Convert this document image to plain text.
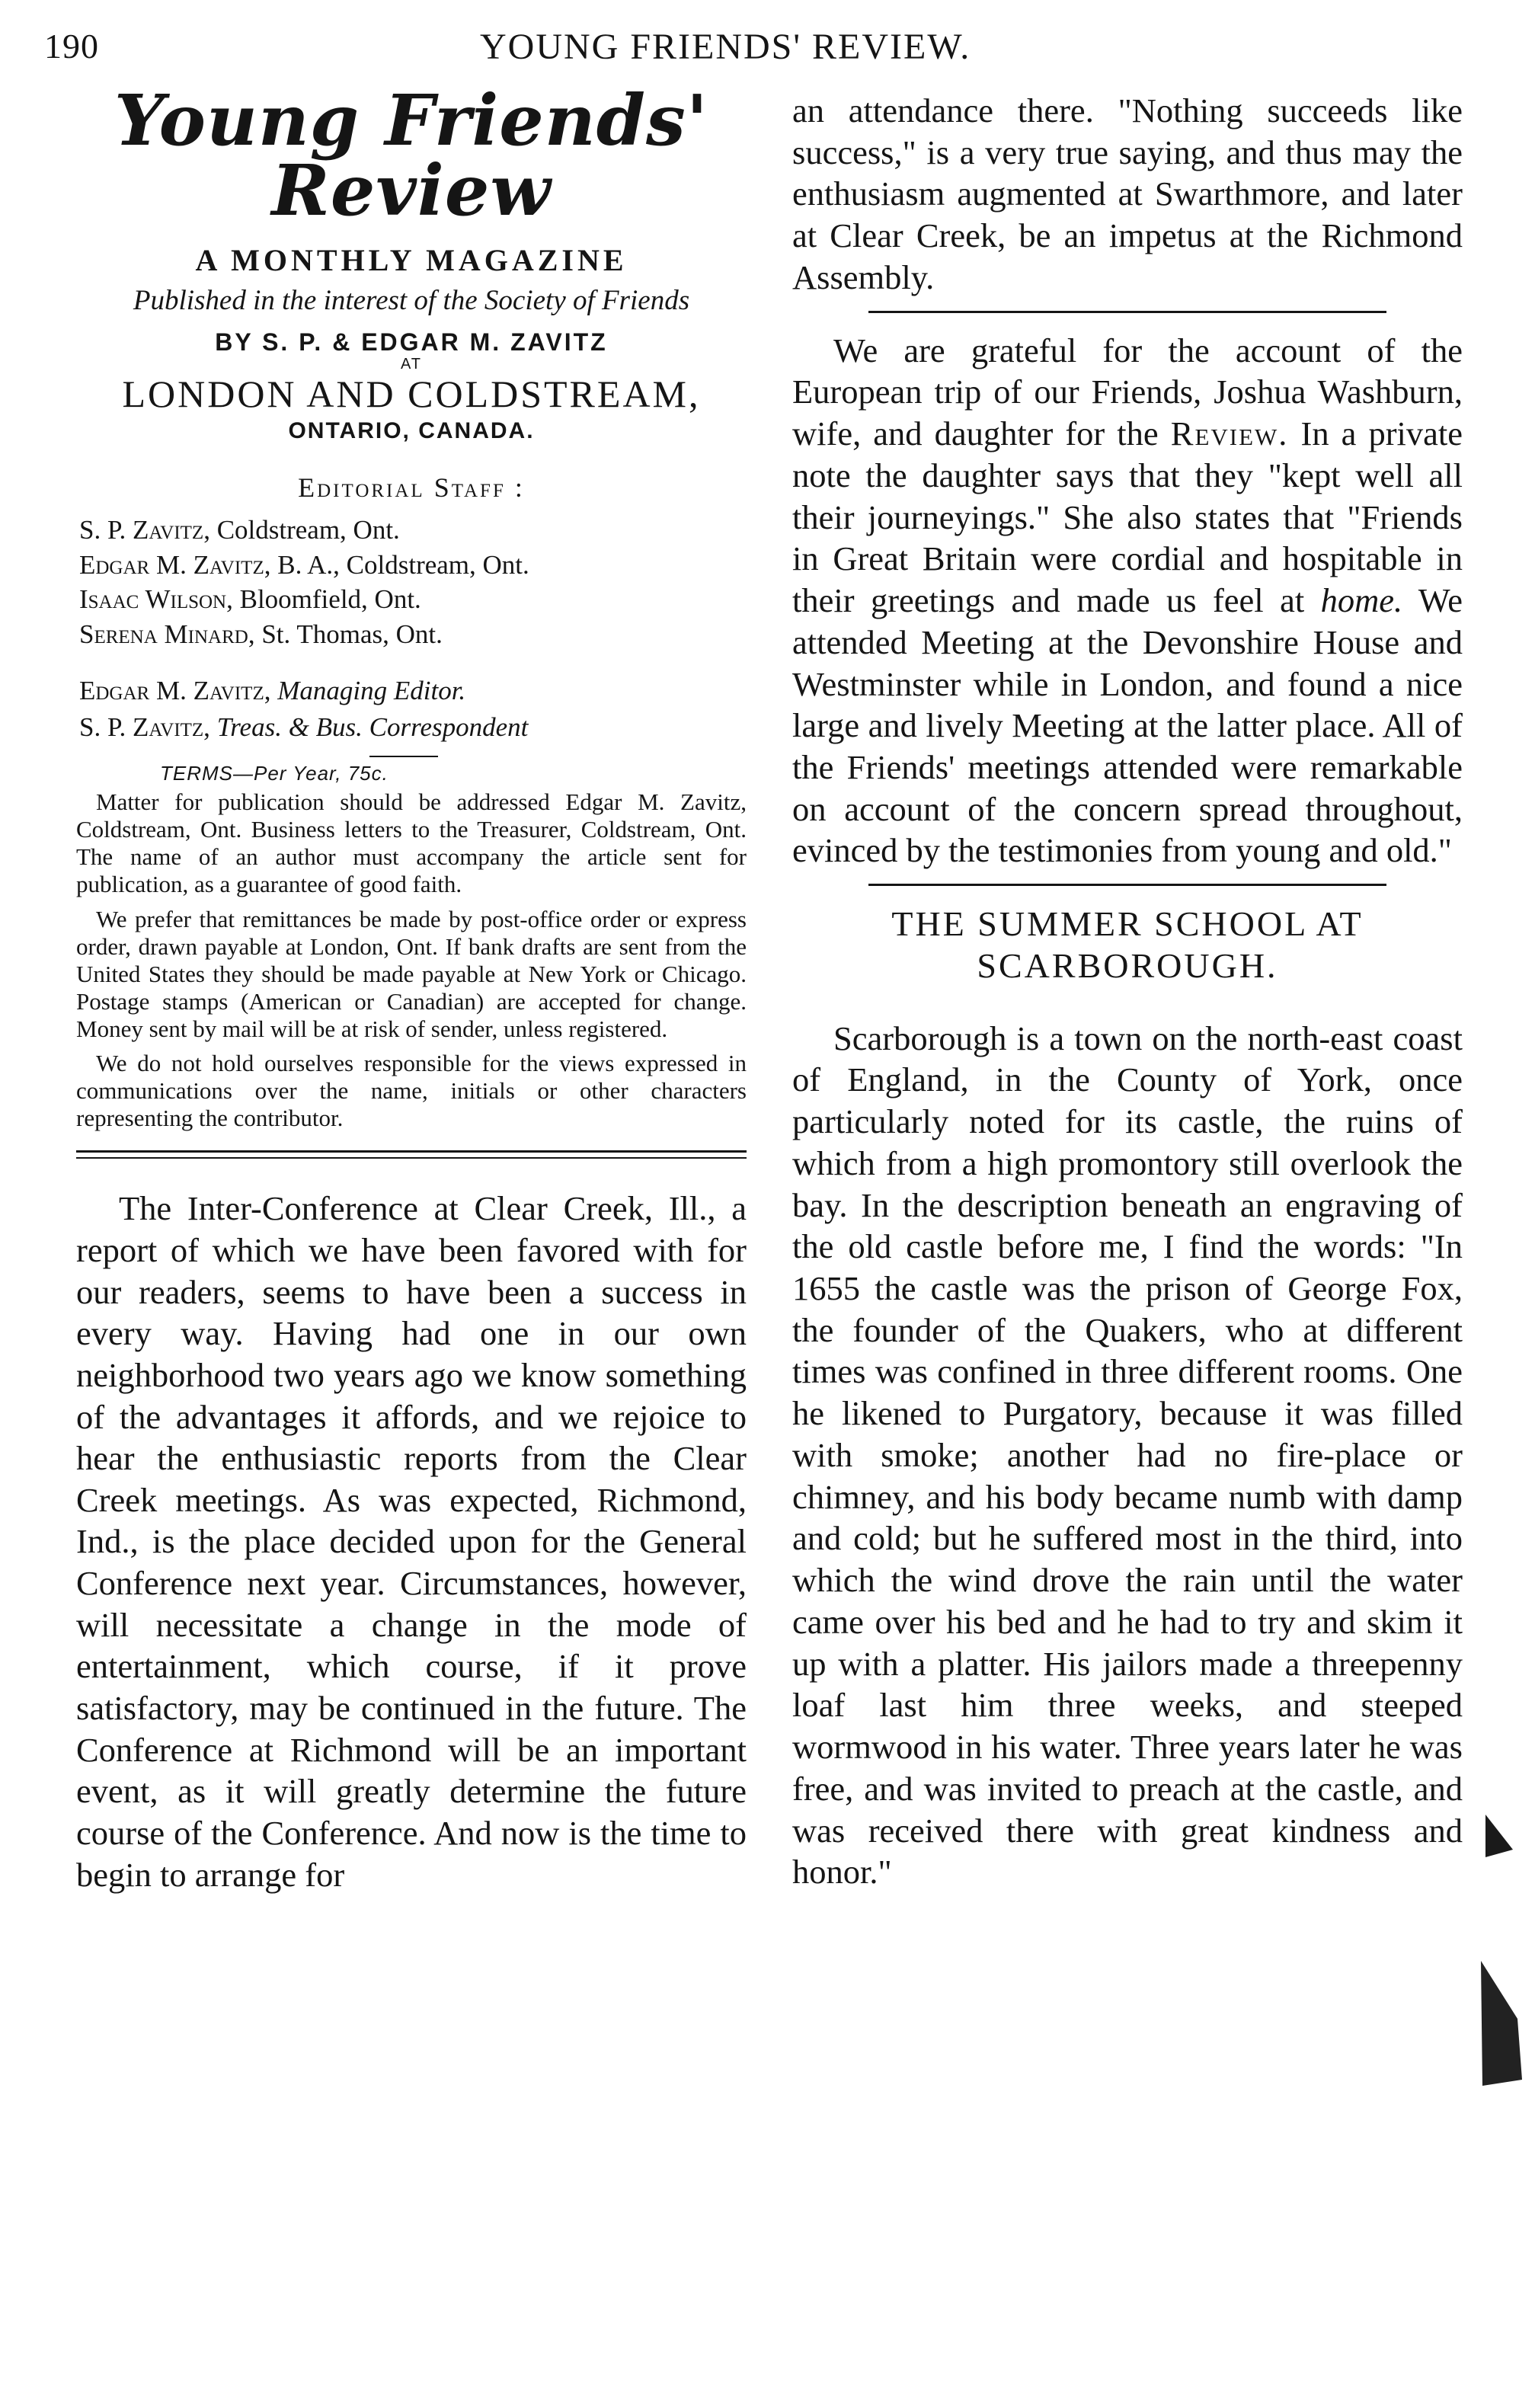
190	YOUNG FRIENDS' REVIEW.
Young Friends' Review
A MONTHLY MAGAZINE
Published in the interest of the Society of Friends
BY S. P. & EDGAR M. ZAVITZ
AT
LONDON AND COLDSTREAM,
ONTARIO, CANADA.
Editorial Staff :
S. P. Zavitz, Coldstream, Ont.
Edgar M. Zavitz, B. A., Coldstream, Ont.
Isaac Wilson, Bloomfield, Ont.
Serena Minard, St. Thomas, Ont.
Edgar M. Zavitz, Managing Editor.
S. P. Zavitz, Treas. & Bus. Correspondent
TERMS—Per Year, 75c.

Matter for publication should be addressed Edgar M. Zavitz, Coldstream, Ont. Business letters to the Treasurer, Coldstream, Ont. The name of an author must accompany the article sent for publication, as a guarantee of good faith.

We prefer that remittances be made by post-office order or express order, drawn payable at London, Ont. If bank drafts are sent from the United States they should be made payable at New York or Chicago. Postage stamps (American or Canadian) are accepted for change. Money sent by mail will be at risk of sender, unless registered.

We do not hold ourselves responsible for the views expressed in communications over the name, initials or other characters representing the contributor.

The Inter-Conference at Clear Creek, Ill., a report of which we have been favored with for our readers, seems to have been a success in every way. Having had one in our own neighborhood two years ago we know something of the advantages it affords, and we rejoice to hear the enthusiastic reports from the Clear Creek meetings. As was expected, Richmond, Ind., is the place decided upon for the General Conference next year. Circumstances, however, will necessitate a change in the mode of entertainment, which course, if it prove satisfactory, may be continued in the future. The Conference at Richmond will be an important event, as it will greatly determine the future course of the Conference. And now is the time to begin to arrange for

an attendance there. "Nothing succeeds like success," is a very true saying, and thus may the enthusiasm augmented at Swarthmore, and later at Clear Creek, be an impetus at the Richmond Assembly.

We are grateful for the account of the European trip of our Friends, Joshua Washburn, wife, and daughter for the Review. In a private note the daughter says that they "kept well all their journeyings." She also states that "Friends in Great Britain were cordial and hospitable in their greetings and made us feel at home. We attended Meeting at the Devonshire House and Westminster while in London, and found a nice large and lively Meeting at the latter place. All of the Friends' meetings attended were remarkable on account of the concern spread throughout, evinced by the testimonies from young and old."

THE SUMMER SCHOOL AT SCARBOROUGH.

Scarborough is a town on the north-east coast of England, in the County of York, once particularly noted for its castle, the ruins of which from a high promontory still overlook the bay. In the description beneath an engraving of the old castle before me, I find the words: "In 1655 the castle was the prison of George Fox, the founder of the Quakers, who at different times was confined in three different rooms. One he likened to Purgatory, because it was filled with smoke; another had no fire-place or chimney, and his body became numb with damp and cold; but he suffered most in the third, into which the wind drove the rain until the water came over his bed and he had to try and skim it up with a platter. His jailors made a threepenny loaf last him three weeks, and steeped wormwood in his water. Three years later he was free, and was invited to preach at the castle, and was received there with great kindness and honor."
